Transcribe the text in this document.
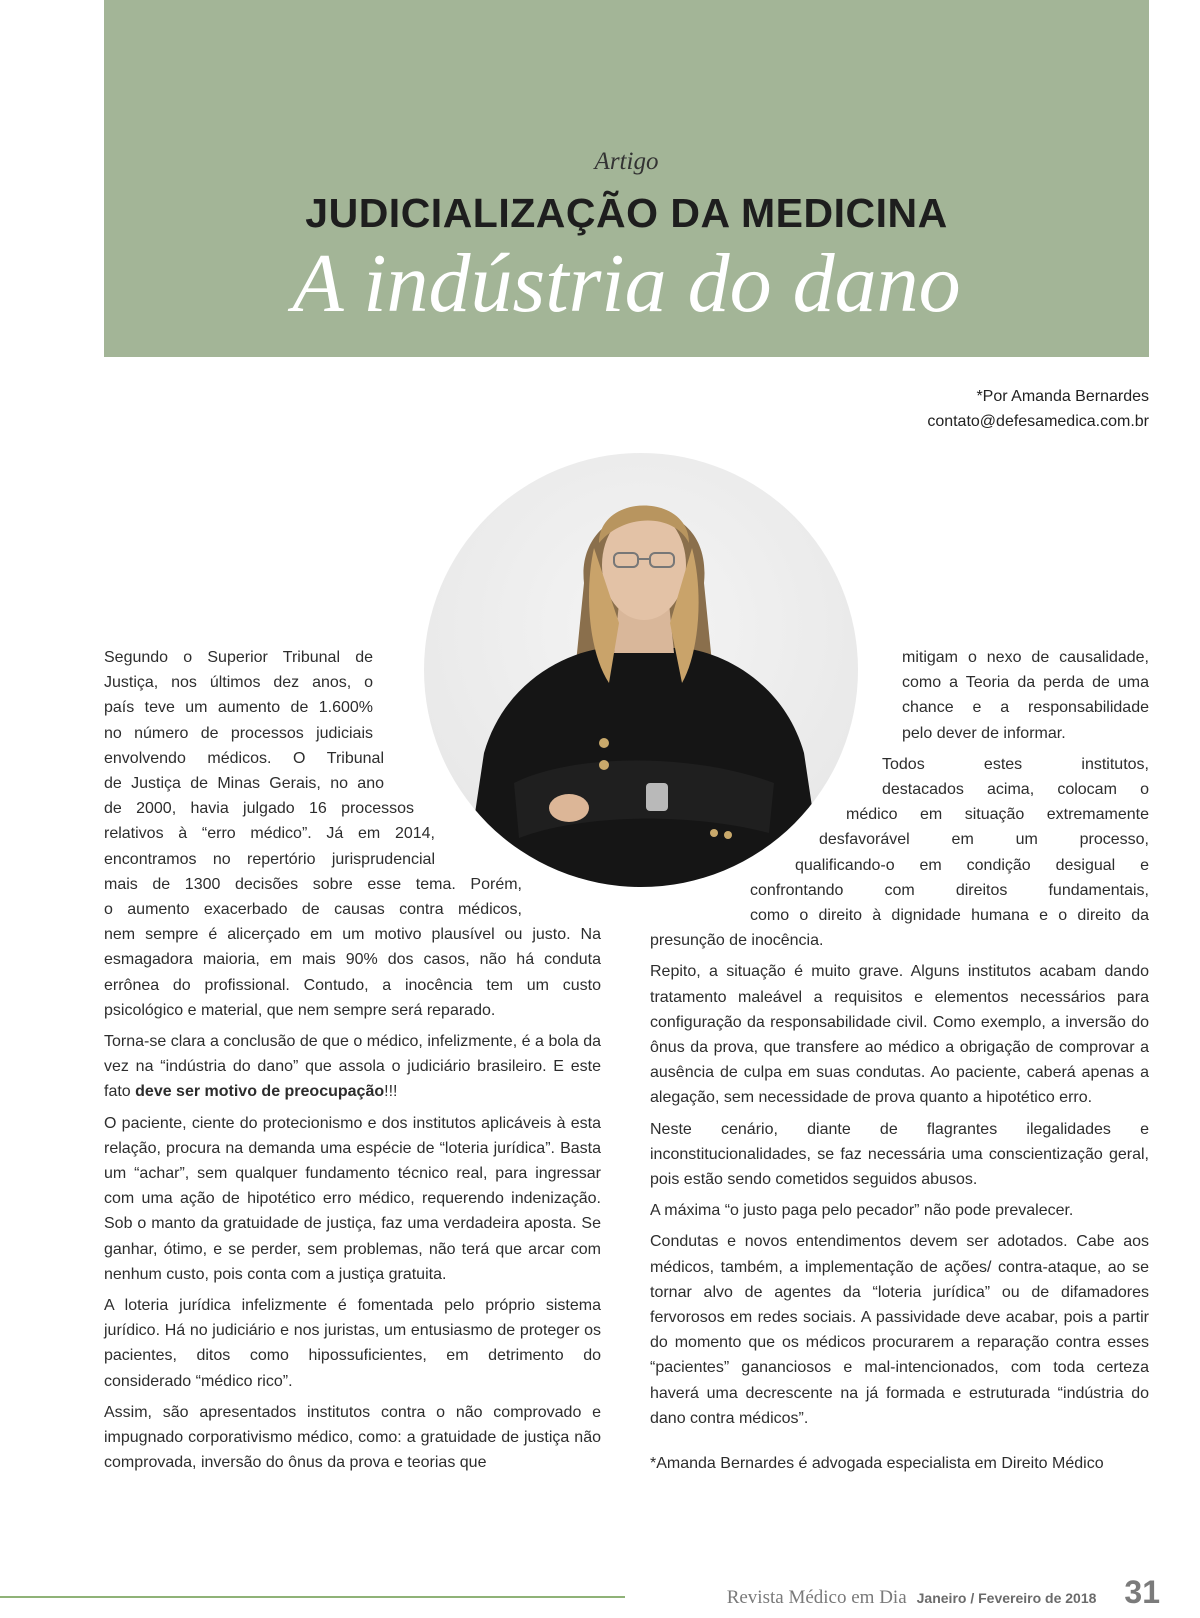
Artigo
JUDICIALIZAÇÃO DA MEDICINA
A indústria do dano
*Por Amanda Bernardes
contato@defesamedica.com.br

Segundo o Superior Tribunal de
Justiça, nos últimos dez anos, o
país teve um aumento de 1.600%
no número de processos judiciais
envolvendo médicos. O Tribunal
de Justiça de Minas Gerais, no ano
de 2000, havia julgado 16 processos
relativos à “erro médico”. Já em 2014,
encontramos no repertório jurisprudencial
mais de 1300 decisões sobre esse tema. Porém,
o aumento exacerbado de causas contra médicos,
nem sempre é alicerçado em um motivo plausível ou justo. Na esmagadora maioria, em mais 90% dos casos, não há conduta errônea do profissional. Contudo, a inocência tem um custo psicológico e material, que nem sempre será reparado.

Torna-se clara a conclusão de que o médico, infelizmente, é a bola da vez na “indústria do dano” que assola o judiciário brasileiro. E este fato deve ser motivo de preocupação!!!

O paciente, ciente do protecionismo e dos institutos aplicáveis à esta relação, procura na demanda uma espécie de “loteria jurídica”. Basta um “achar”, sem qualquer fundamento técnico real, para ingressar com uma ação de hipotético erro médico, requerendo indenização. Sob o manto da gratuidade de justiça, faz uma verdadeira aposta. Se ganhar, ótimo, e se perder, sem problemas, não terá que arcar com nenhum custo, pois conta com a justiça gratuita.

A loteria jurídica infelizmente é fomentada pelo próprio sistema jurídico. Há no judiciário e nos juristas, um entusiasmo de proteger os pacientes, ditos como hipossuficientes, em detrimento do considerado “médico rico”.

Assim, são apresentados institutos contra o não comprovado e impugnado corporativismo médico, como: a gratuidade de justiça não comprovada, inversão do ônus da prova e teorias que

mitigam o nexo de causalidade,
como a Teoria da perda de uma
chance e a responsabilidade
pelo dever de informar.

Todos estes institutos,
destacados acima, colocam o
médico em situação extremamente
desfavorável em um processo,
qualificando-o em condição desigual e
confrontando com direitos fundamentais,
como o direito à dignidade humana e o direito da
presunção de inocência.

Repito, a situação é muito grave. Alguns institutos acabam dando tratamento maleável a requisitos e elementos necessários para configuração da responsabilidade civil. Como exemplo, a inversão do ônus da prova, que transfere ao médico a obrigação de comprovar a ausência de culpa em suas condutas. Ao paciente, caberá apenas a alegação, sem necessidade de prova quanto a hipotético erro.

Neste cenário, diante de flagrantes ilegalidades e inconstitucionalidades, se faz necessária uma conscientização geral, pois estão sendo cometidos seguidos abusos.

A máxima “o justo paga pelo pecador” não pode prevalecer.

Condutas e novos entendimentos devem ser adotados. Cabe aos médicos, também, a implementação de ações/ contra-ataque, ao se tornar alvo de agentes da “loteria jurídica” ou de difamadores fervorosos em redes sociais. A passividade deve acabar, pois a partir do momento que os médicos procurarem a reparação contra esses “pacientes” gananciosos e mal-intencionados, com toda certeza haverá uma decrescente na já formada e estruturada “indústria do dano contra médicos”.

*Amanda Bernardes é advogada especialista em Direito Médico

Revista Médico em Dia Janeiro / Fevereiro de 2018 31
